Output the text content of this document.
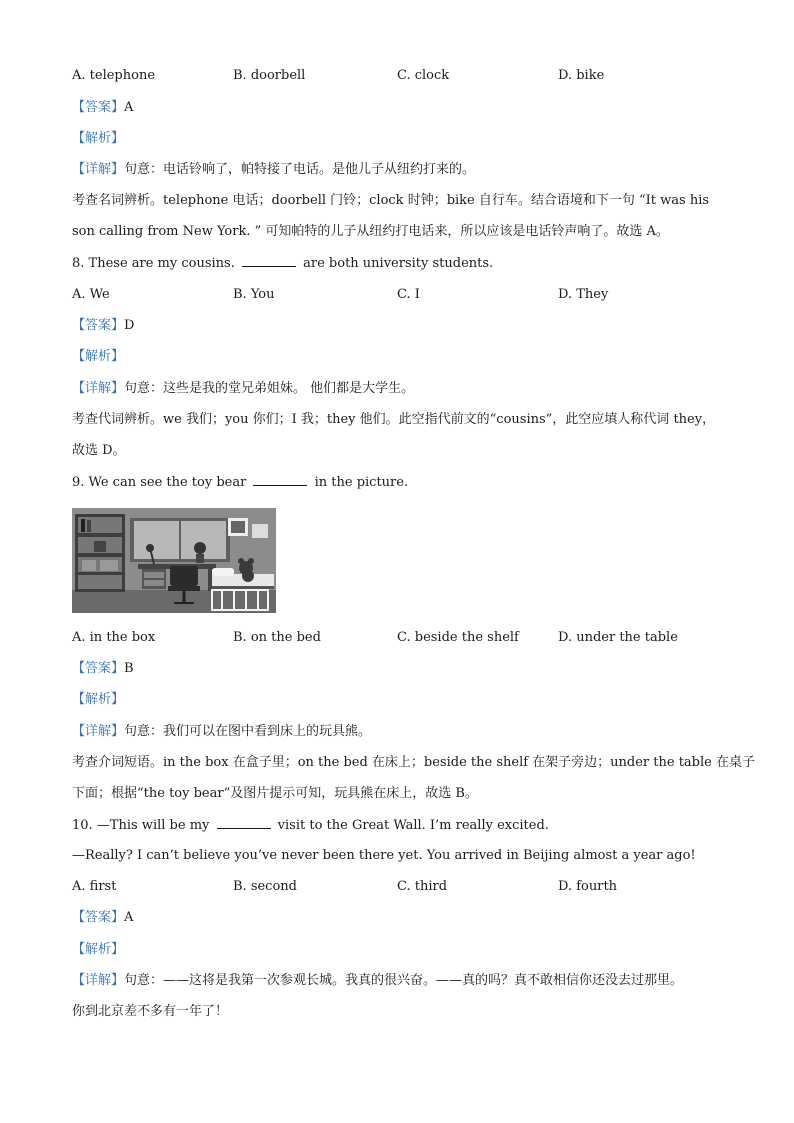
A. telephone	B. doorbell	C. clock	D. bike
【答案】A
【解析】
【详解】句意：电话铃响了，帕特接了电话。是他儿子从纽约打来的。
考查名词辨析。telephone 电话；doorbell 门铃；clock 时钟；bike 自行车。结合语境和下一句 “It was his
son calling from New York. ” 可知帕特的儿子从纽约打电话来，所以应该是电话铃声响了。故选 A。
8. These are my cousins.	are both university students.
A. We	B. You	C. I	D. They
【答案】D
【解析】
【详解】句意：这些是我的堂兄弟姐妹。 他们都是大学生。
考查代词辨析。we 我们；you 你们；I 我；they 他们。此空指代前文的“cousins”，此空应填人称代词 they，
故选 D。
9. We can see the toy bear	in the picture.
A. in the box	B. on the bed	C. beside the shelf	D. under the table
【答案】B
【解析】
【详解】句意：我们可以在图中看到床上的玩具熊。
考查介词短语。in the box 在盒子里；on the bed 在床上；beside the shelf 在架子旁边；under the table 在桌子
下面；根据“the toy bear”及图片提示可知，玩具熊在床上，故选 B。
10. —This will be my	visit to the Great Wall. I’m really excited.
—Really? I can’t believe you’ve never been there yet. You arrived in Beijing almost a year ago!
A. first	B. second	C. third	D. fourth
【答案】A
【解析】
【详解】句意：——这将是我第一次参观长城。我真的很兴奋。——真的吗？真不敢相信你还没去过那里。
你到北京差不多有一年了！
